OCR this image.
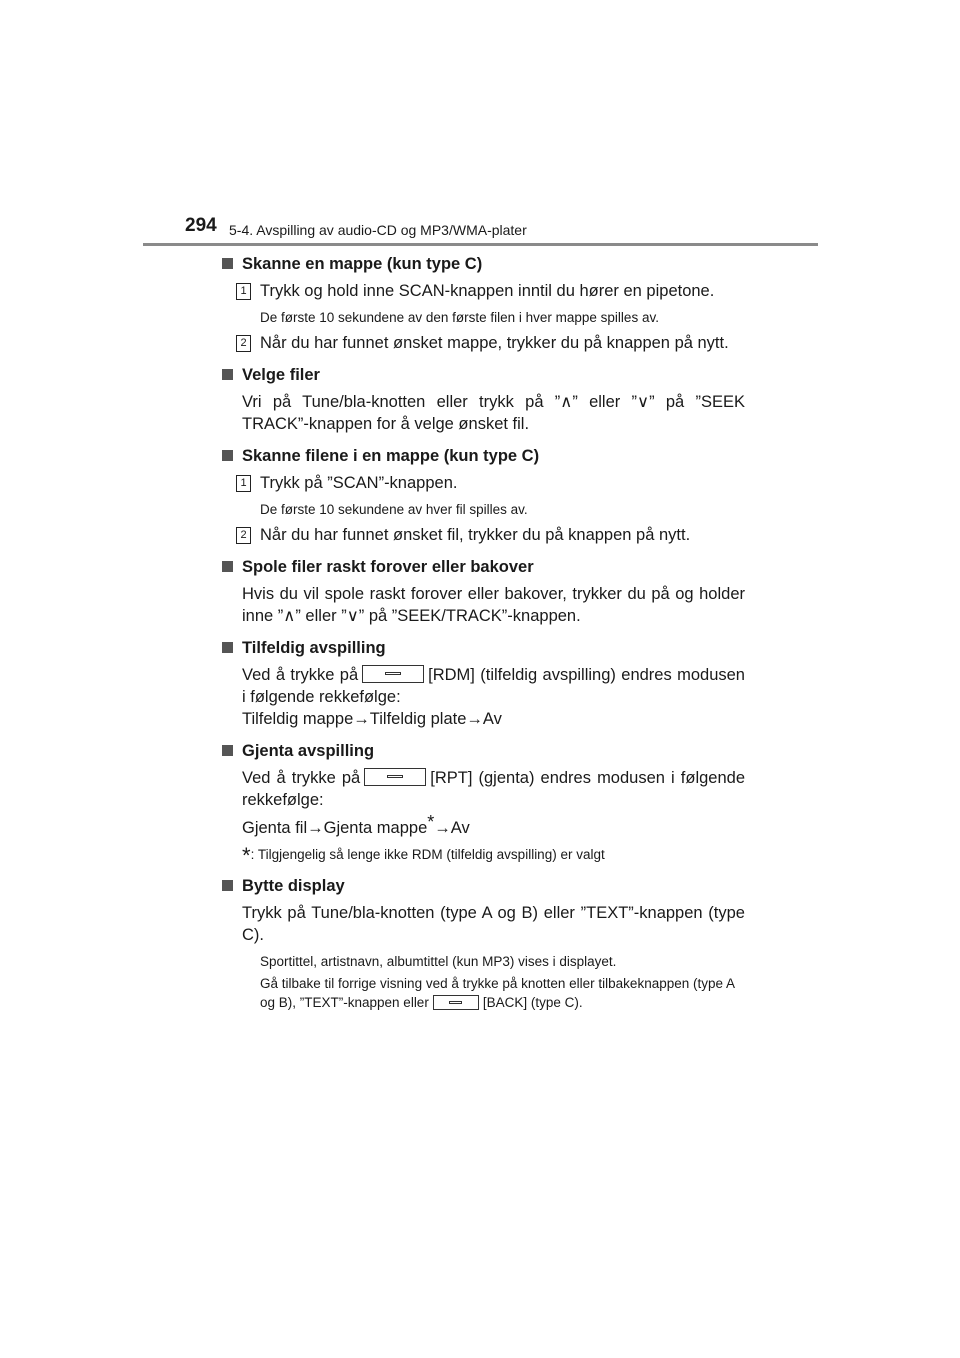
294 5-4. Avspilling av audio-CD og MP3/WMA-plater
Skanne en mappe (kun type C)
1 Trykk og hold inne SCAN-knappen inntil du hører en pipetone.
De første 10 sekundene av den første filen i hver mappe spilles av.
2 Når du har funnet ønsket mappe, trykker du på knappen på nytt.
Velge filer
Vri på Tune/bla-knotten eller trykk på ”∧” eller ”∨” på ”SEEK TRACK”-knappen for å velge ønsket fil.
Skanne filene i en mappe (kun type C)
1 Trykk på ”SCAN”-knappen.
De første 10 sekundene av hver fil spilles av.
2 Når du har funnet ønsket fil, trykker du på knappen på nytt.
Spole filer raskt forover eller bakover
Hvis du vil spole raskt forover eller bakover, trykker du på og holder inne ”∧” eller ”∨” på ”SEEK/TRACK”-knappen.
Tilfeldig avspilling
Ved å trykke på	[RDM] (tilfeldig avspilling) endres modusen i følgende rekkefølge:
Tilfeldig mappe→Tilfeldig plate→Av
Gjenta avspilling
Ved å trykke på	[RPT] (gjenta) endres modusen i følgende rekkefølge:
Gjenta fil→Gjenta mappe*→Av
*: Tilgjengelig så lenge ikke RDM (tilfeldig avspilling) er valgt
Bytte display
Trykk på Tune/bla-knotten (type A og B) eller ”TEXT”-knappen (type C).
Sportittel, artistnavn, albumtittel (kun MP3) vises i displayet.
Gå tilbake til forrige visning ved å trykke på knotten eller tilbakeknappen (type A og B), ”TEXT”-knappen eller	[BACK] (type C).
